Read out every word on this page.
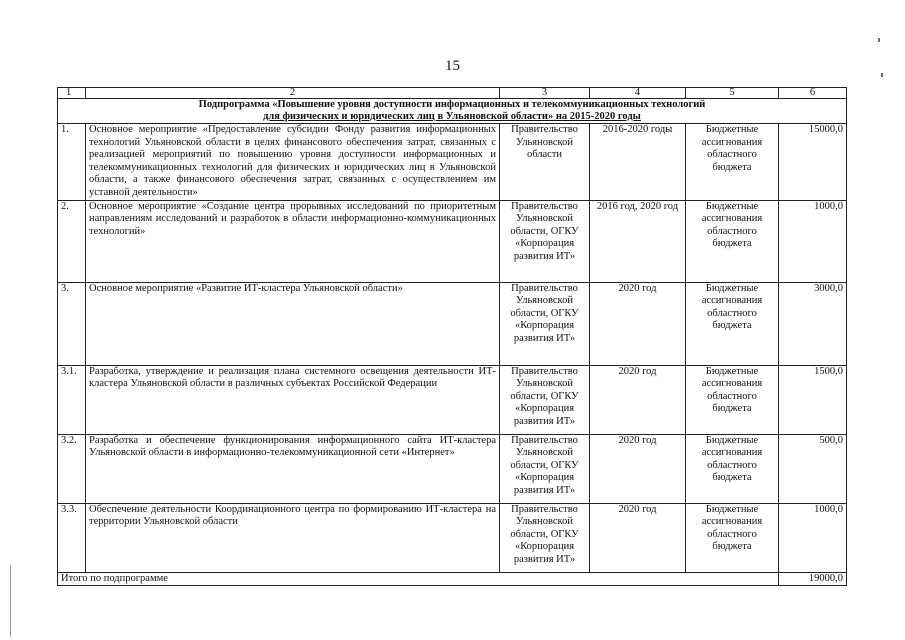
15
1	2	3	4	5	6

Подпрограмма «Повышение уровня доступности информационных и телекоммуникационных технологий
для физических и юридических лиц в Ульяновской области» на 2015-2020 годы					

1.	Основное мероприятие «Предоставление субсидии Фонду развития информационных технологий Ульяновской области в целях финансового обеспечения затрат, связанных с реализацией мероприятий по повышению уровня доступности информационных и телекоммуникационных технологий для физических и юридических лиц в Ульяновской области, а также финансового обеспечения затрат, связанных с осуществлением им уставной деятельности»	Правительство Ульяновской области	2016-2020 годы	Бюджетные ассигнования областного бюджета	15000,0
2.	Основное мероприятие «Создание центра прорывных исследований по приоритетным направлениям исследований и разработок в области информационно-коммуникационных технологий»	Правительство Ульяновской области, ОГКУ «Корпорация развития ИТ»	2016 год, 2020 год	Бюджетные ассигнования областного бюджета	1000,0
3.	Основное мероприятие «Развитие ИТ-кластера Ульяновской области»	Правительство Ульяновской области, ОГКУ «Корпорация развития ИТ»	2020 год	Бюджетные ассигнования областного бюджета	3000,0
3.1.	Разработка, утверждение и реализация плана системного освещения деятельности ИТ-кластера Ульяновской области в различных субъектах Российской Федерации	Правительство Ульяновской области, ОГКУ «Корпорация развития ИТ»	2020 год	Бюджетные ассигнования областного бюджета	1500,0
3.2.	Разработка и обеспечение функционирования информационного сайта ИТ-кластера Ульяновской области в информационно-телекоммуникационной сети «Интернет»	Правительство Ульяновской области, ОГКУ «Корпорация развития ИТ»	2020 год	Бюджетные ассигнования областного бюджета	500,0
3.3.	Обеспечение деятельности Координационного центра по формированию ИТ-кластера на территории Ульяновской области	Правительство Ульяновской области, ОГКУ «Корпорация развития ИТ»	2020 год	Бюджетные ассигнования областного бюджета	1000,0
Итого по подпрограмме					19000,0
